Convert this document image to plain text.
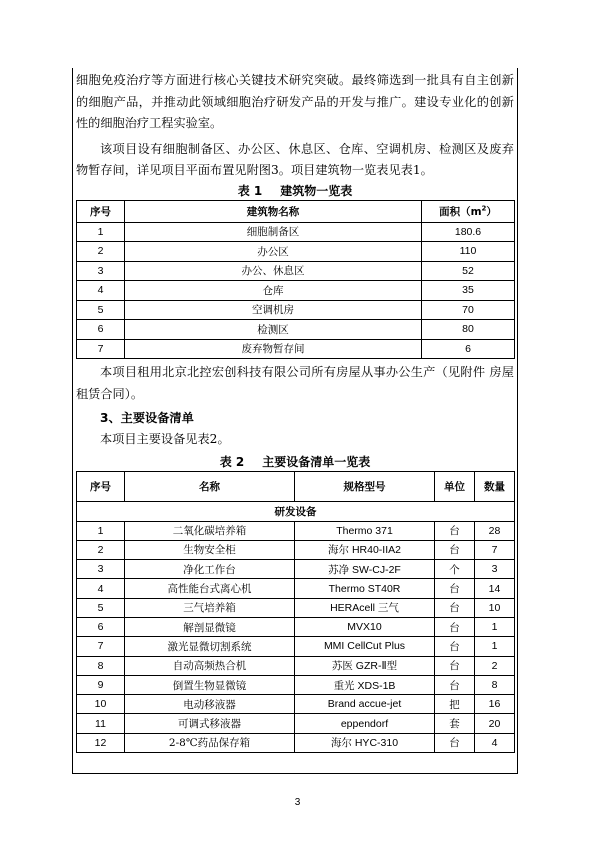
细胞免疫治疗等方面进行核心关键技术研究突破。最终筛选到一批具有自主创新的细胞产品，并推动此领域细胞治疗研发产品的开发与推广。建设专业化的创新性的细胞治疗工程实验室。

该项目设有细胞制备区、办公区、休息区、仓库、空调机房、检测区及废弃物暂存间，详见项目平面布置见附图3。项目建筑物一览表见表1。

表 1 建筑物一览表

序号	建筑物名称	面积$(m^2)$
1	细胞制备区	180.6
2	办公区	110
3	办公、休息区	52
4	仓库	35
5	空调机房	70
6	检测区	80
7	废弃物暂存间	6

本项目租用北京北控宏创科技有限公司所有房屋从事办公生产（见附件 房屋租赁合同）。

3、主要设备清单

本项目主要设备见表2。

表 2 主要设备清单一览表

序号	名称	规格型号	单位	数量
研发设备				
1	二氧化碳培养箱	Thermo 371	台	28
2	生物安全柜	海尔 HR40-IIA2	台	7
3	净化工作台	苏净 SW-CJ-2F	个	3
4	高性能台式离心机	Thermo ST40R	台	14
5	三气培养箱	HERAcell 三气	台	10
6	解剖显微镜	MVX10	台	1
7	激光显微切割系统	MMI CellCut Plus	台	1
8	自动高频热合机	苏医 GZR-Ⅱ型	台	2
9	倒置生物显微镜	重光 XDS-1B	台	8
10	电动移液器	Brand accue-jet	把	16
11	可调式移液器	eppendorf	套	20
12	2-8℃药品保存箱	海尔 HYC-310	台	4
3
